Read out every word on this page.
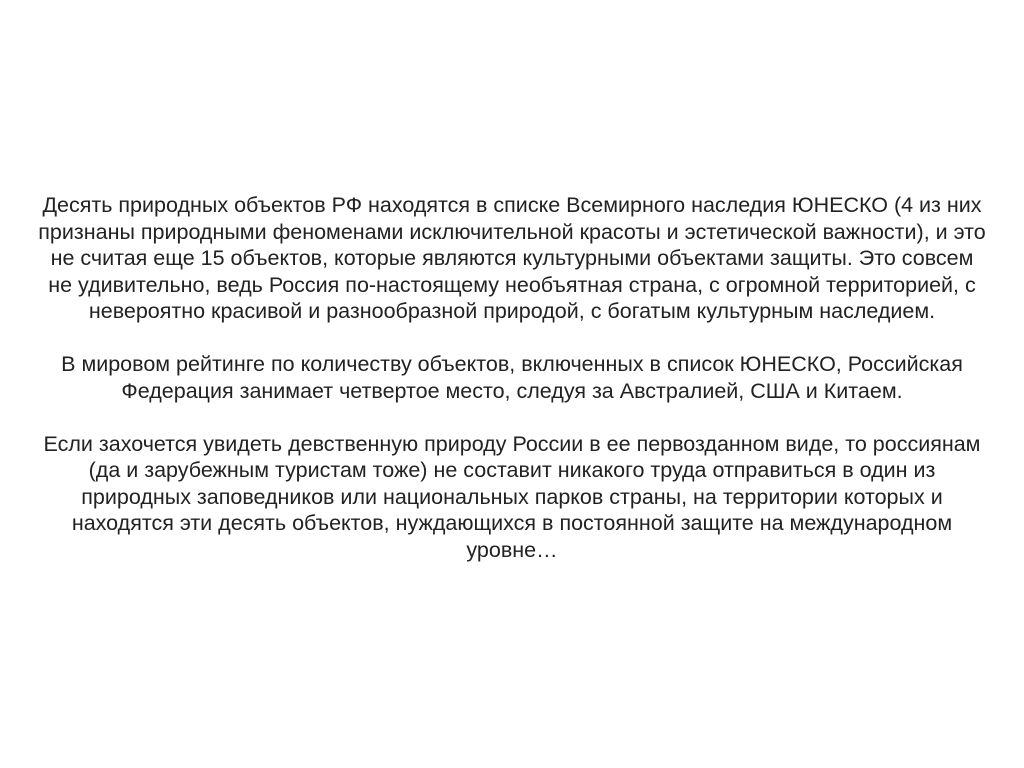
Десять природных объектов РФ находятся в списке Всемирного наследия ЮНЕСКО (4 из них
признаны природными феноменами исключительной красоты и эстетической важности), и это
не считая еще 15 объектов, которые являются культурными объектами защиты. Это совсем
не удивительно, ведь Россия по-настоящему необъятная страна, с огромной территорией, с
невероятно красивой и разнообразной природой, с богатым культурным наследием.

В мировом рейтинге по количеству объектов, включенных в список ЮНЕСКО, Российская
Федерация занимает четвертое место, следуя за Австралией, США и Китаем.

Если захочется увидеть девственную природу России в ее первозданном виде, то россиянам
(да и зарубежным туристам тоже) не составит никакого труда отправиться в один из
природных заповедников или национальных парков страны, на территории которых и
находятся эти десять объектов, нуждающихся в постоянной защите на международном
уровне…
